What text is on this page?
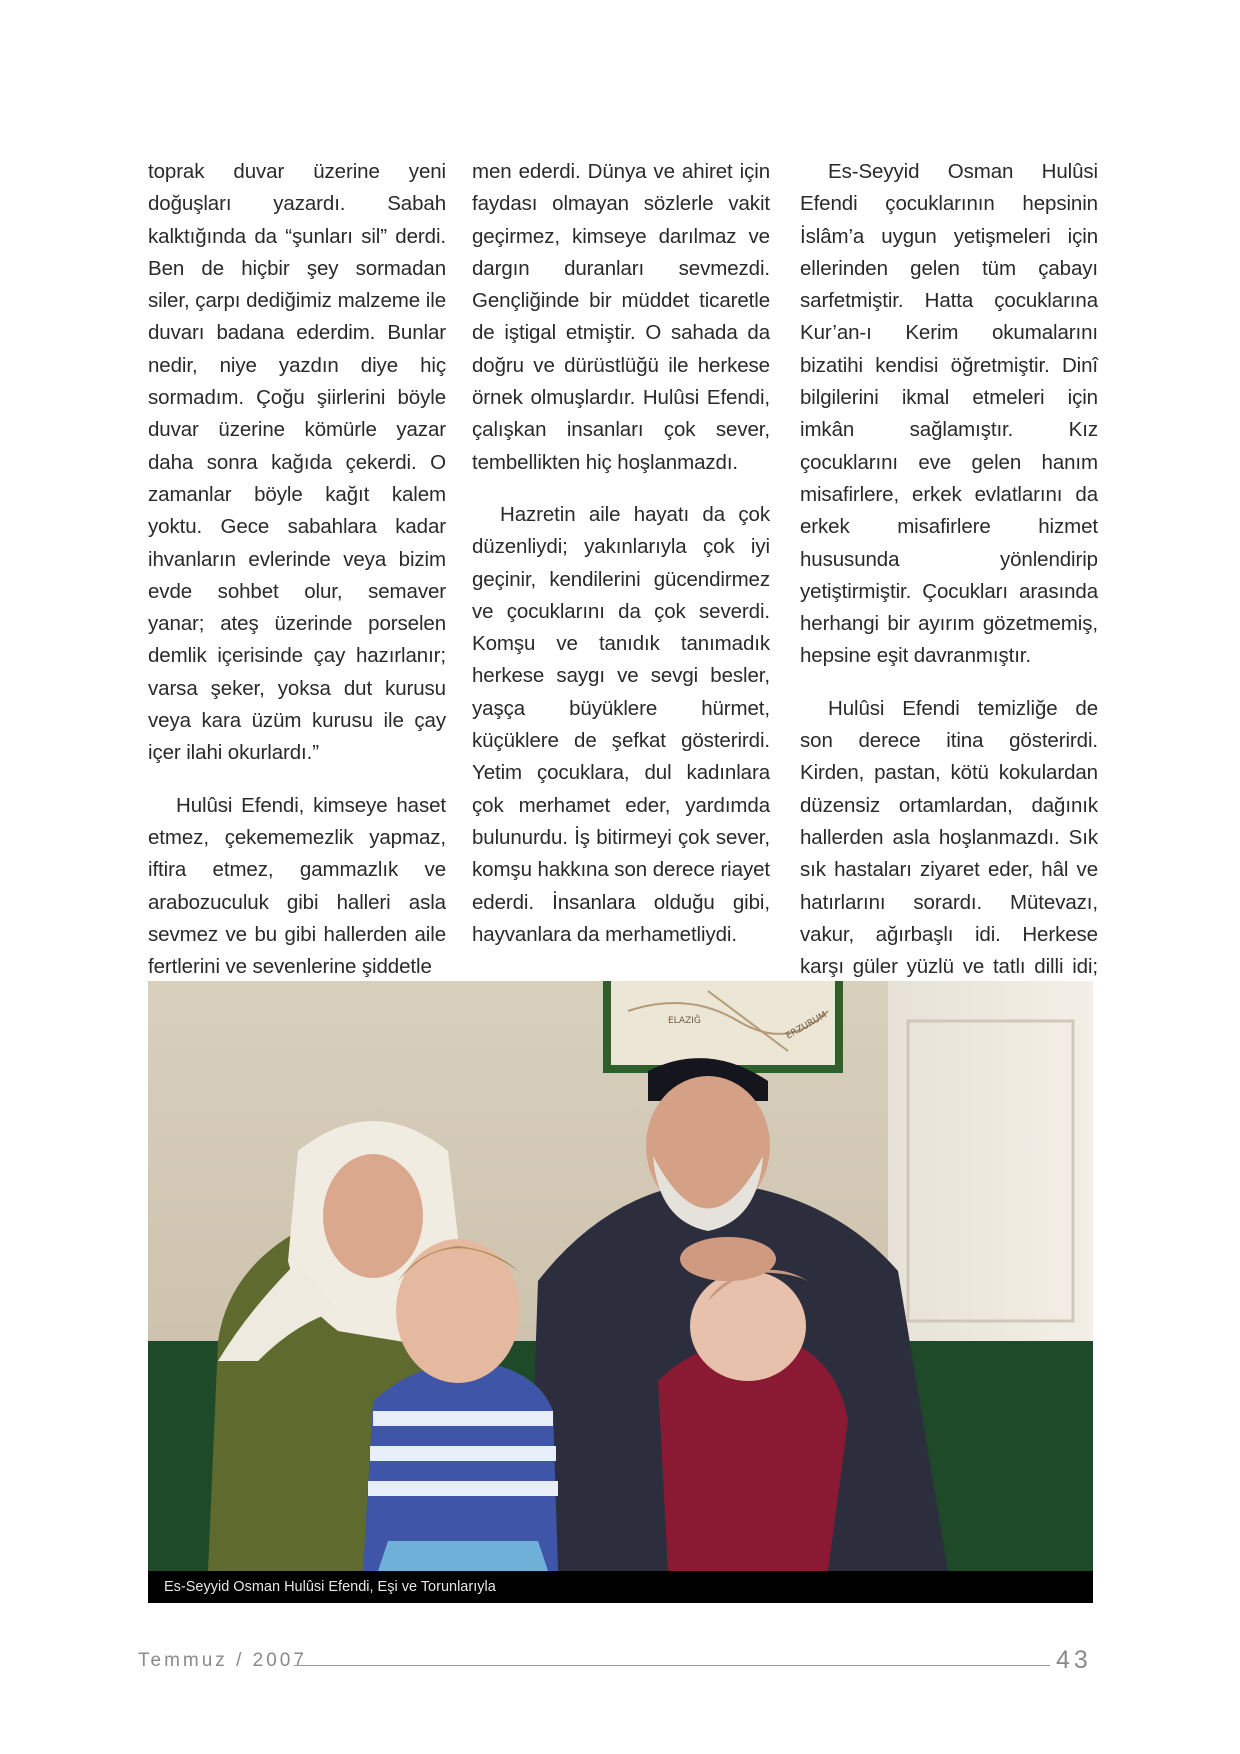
toprak duvar üzerine yeni doğuşları yazardı. Sabah kalktığında da “şunları sil” derdi. Ben de hiçbir şey sormadan siler, çarpı dediğimiz malzeme ile duvarı badana ederdim. Bunlar nedir, niye yazdın diye hiç sormadım. Çoğu şiirlerini böyle duvar üzerine kömürle yazar daha sonra kağıda çekerdi. O zamanlar böyle kağıt kalem yoktu. Gece sabahlara kadar ihvanların evlerinde veya bizim evde sohbet olur, semaver yanar; ateş üzerinde porselen demlik içerisinde çay hazırlanır; varsa şeker, yoksa dut kurusu veya kara üzüm kurusu ile çay içer ilahi okurlardı.”

Hulûsi Efendi, kimseye haset etmez, çekememezlik yapmaz, iftira etmez, gammazlık ve arabozuculuk gibi halleri asla sevmez ve bu gibi hallerden aile fertlerini ve sevenlerine şiddetle

men ederdi. Dünya ve ahiret için faydası olmayan sözlerle vakit geçirmez, kimseye darılmaz ve dargın duranları sevmezdi. Gençliğinde bir müddet ticaretle de iştigal etmiştir. O sahada da doğru ve dürüstlüğü ile herkese örnek olmuşlardır. Hulûsi Efendi, çalışkan insanları çok sever, tembellikten hiç hoşlanmazdı.

Hazretin aile hayatı da çok düzenliydi; yakınlarıyla çok iyi geçinir, kendilerini gücendirmez ve çocuklarını da çok severdi. Komşu ve tanıdık tanımadık herkese saygı ve sevgi besler, yaşça büyüklere hürmet, küçüklere de şefkat gösterirdi. Yetim çocuklara, dul kadınlara çok merhamet eder, yardımda bulunurdu. İş bitirmeyi çok sever, komşu hakkına son derece riayet ederdi. İnsanlara olduğu gibi, hayvanlara da merhametliydi.

Es-Seyyid Osman Hulûsi Efendi çocuklarının hepsinin İslâm’a uygun yetişmeleri için ellerinden gelen tüm çabayı sarfetmiştir. Hatta çocuklarına Kur’an-ı Kerim okumalarını bizatihi kendisi öğretmiştir. Dinî bilgilerini ikmal etmeleri için imkân sağlamıştır. Kız çocuklarını eve gelen hanım misafirlere, erkek evlatlarını da erkek misafirlere hizmet hususunda yönlendirip yetiştirmiştir. Çocukları arasında herhangi bir ayırım gözetmemiş, hepsine eşit davranmıştır.

Hulûsi Efendi temizliğe de son derece itina gösterirdi. Kirden, pastan, kötü kokulardan düzensiz ortamlardan, dağınık hallerden asla hoşlanmazdı. Sık sık hastaları ziyaret eder, hâl ve hatırlarını sorardı. Mütevazı, vakur, ağırbaşlı idi. Herkese karşı güler yüzlü ve tatlı dilli idi;

ELAZIĞ	ERZURUM
Es-Seyyid Osman Hulûsi Efendi, Eşi ve Torunlarıyla
Temmuz / 2007	43
